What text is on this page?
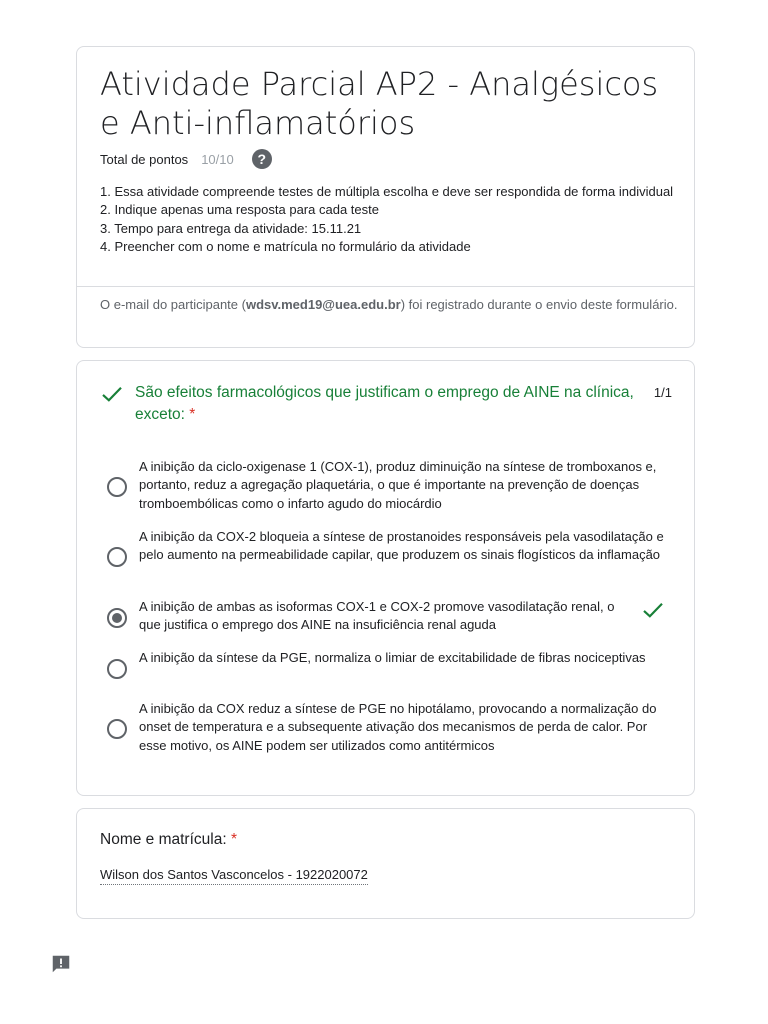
Atividade Parcial AP2 - Analgésicos e Anti-inflamatórios
Total de pontos 10/10	?
1. Essa atividade compreende testes de múltipla escolha e deve ser respondida de forma individual
2. Indique apenas uma resposta para cada teste
3. Tempo para entrega da atividade: 15.11.21
4. Preencher com o nome e matrícula no formulário da atividade
O e-mail do participante (wdsv.med19@uea.edu.br) foi registrado durante o envio deste formulário.
São efeitos farmacológicos que justificam o emprego de AINE na clínica, exceto: *
1/1
A inibição da ciclo-oxigenase 1 (COX-1), produz diminuição na síntese de tromboxanos e, portanto, reduz a agregação plaquetária, o que é importante na prevenção de doenças tromboembólicas como o infarto agudo do miocárdio
A inibição da COX-2 bloqueia a síntese de prostanoides responsáveis pela vasodilatação e pelo aumento na permeabilidade capilar, que produzem os sinais flogísticos da inflamação
A inibição de ambas as isoformas COX-1 e COX-2 promove vasodilatação renal, o que justifica o emprego dos AINE na insuficiência renal aguda
A inibição da síntese da PGE, normaliza o limiar de excitabilidade de fibras nociceptivas
A inibição da COX reduz a síntese de PGE no hipotálamo, provocando a normalização do onset de temperatura e a subsequente ativação dos mecanismos de perda de calor. Por esse motivo, os AINE podem ser utilizados como antitérmicos
Nome e matrícula: *
Wilson dos Santos Vasconcelos - 1922020072
